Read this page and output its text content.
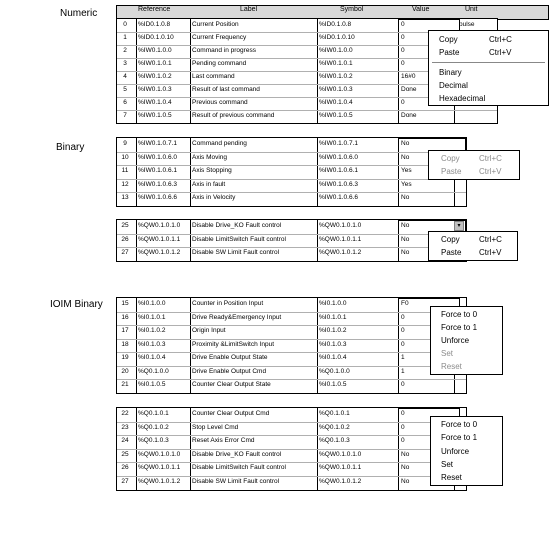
Numeric
Binary
IOIM Binary
Reference	Label	Symbol	Value	Unit
0	%ID0.1.0.8	Current Position	%ID0.1.0.8	0	pulse
1	%ID0.1.0.10	Current Frequency	%ID0.1.0.10	0
2	%IW0.1.0.0	Command in progress	%IW0.1.0.0	0
3	%IW0.1.0.1	Pending command	%IW0.1.0.1	0
4	%IW0.1.0.2	Last command	%IW0.1.0.2	16#0
5	%IW0.1.0.3	Result of last command	%IW0.1.0.3	Done
6	%IW0.1.0.4	Previous command	%IW0.1.0.4	0
7	%IW0.1.0.5	Result of previous command	%IW0.1.0.5	Done
9	%IW0.1.0.7.1	Command pending	%IW0.1.0.7.1	No
10	%IW0.1.0.6.0	Axis Moving	%IW0.1.0.6.0	No
11	%IW0.1.0.6.1	Axis Stopping	%IW0.1.0.6.1	Yes
12	%IW0.1.0.6.3	Axis in fault	%IW0.1.0.6.3	Yes
13	%IW0.1.0.6.6	Axis in Velocity	%IW0.1.0.6.6	No
25	%QW0.1.0.1.0	Disable Drive_KO Fault control	%QW0.1.0.1.0	No	▾
26	%QW0.1.0.1.1	Disable LimitSwitch Fault control	%QW0.1.0.1.1	No
27	%QW0.1.0.1.2	Disable SW Limit Fault control	%QW0.1.0.1.2	No
15	%I0.1.0.0	Counter in Position Input	%I0.1.0.0	F0
16	%I0.1.0.1	Drive Ready&Emergency Input	%I0.1.0.1	0
17	%I0.1.0.2	Origin Input	%I0.1.0.2	0
18	%I0.1.0.3	Proximity &LimitSwitch Input	%I0.1.0.3	0
19	%I0.1.0.4	Drive Enable Output State	%I0.1.0.4	1
20	%Q0.1.0.0	Drive Enable Output Cmd	%Q0.1.0.0	1
21	%I0.1.0.5	Counter Clear Output State	%I0.1.0.5	0
22	%Q0.1.0.1	Counter Clear Output Cmd	%Q0.1.0.1	0
23	%Q0.1.0.2	Stop Level Cmd	%Q0.1.0.2	0
24	%Q0.1.0.3	Reset Axis Error Cmd	%Q0.1.0.3	0
25	%QW0.1.0.1.0	Disable Drive_KO Fault control	%QW0.1.0.1.0	No
26	%QW0.1.0.1.1	Disable LimitSwitch Fault control	%QW0.1.0.1.1	No
27	%QW0.1.0.1.2	Disable SW Limit Fault control	%QW0.1.0.1.2	No
Copy	Ctrl+C
Paste	Ctrl+V
Binary
Decimal
Hexadecimal
Copy Ctrl+C
Paste Ctrl+V
Copy Ctrl+C
Paste Ctrl+V
Force to 0
Force to 1
Unforce
Set
Reset
Force to 0
Force to 1
Unforce
Set
Reset
